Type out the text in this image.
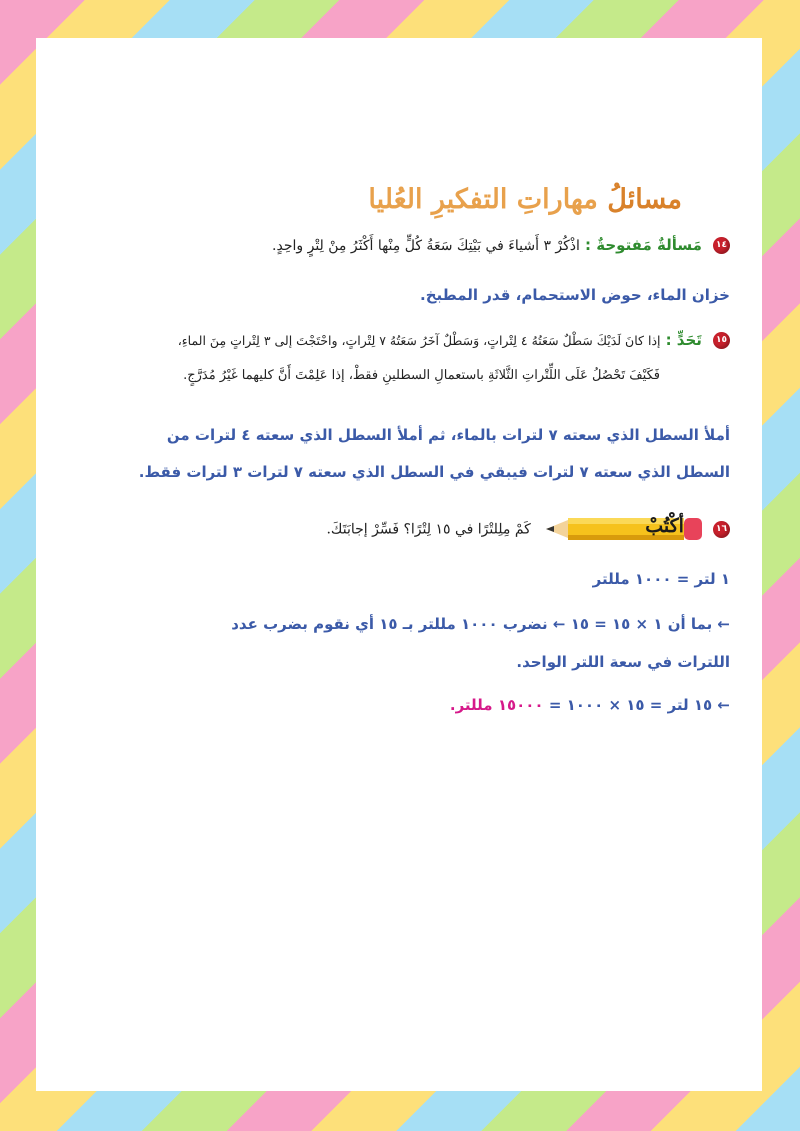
مسائلُ مهاراتِ التفكيرِ العُليا
١٤ مَسألةٌ مَفتوحةٌ : اذْكُرْ ٣ أَشياءَ في بَيْتِكَ سَعَةُ كُلٍّ مِنْها أَكْثَرُ مِنْ لِتْرٍ واحِدٍ.
خزان الماء، حوض الاستحمام، قدر المطبخ.
١٥ تَحَدٍّ : إذا كانَ لَدَيْكَ سَطْلٌ سَعَتُهُ ٤ لِتْراتٍ، وَسَطْلٌ آخَرُ سَعَتُهُ ٧ لِتْراتٍ، واحْتَجْتَ إلى ٣ لِتْراتٍ مِنَ الماءِ،
فَكَيْفَ تَحْصُلُ عَلَى اللِّتْراتِ الثَّلاثَةِ باستعمالِ السطلينِ فقطْ، إذا عَلِمْتَ أَنَّ كليهما غَيْرُ مُدَرَّجٍ.
أملأ السطل الذي سعته ٧ لترات بالماء، ثم أملأ السطل الذي سعته ٤ لترات من
السطل الذي سعته ٧ لترات فيبقي في السطل الذي سعته ٧ لترات ٣ لترات فقط.
١٦
أكْتُبْ
كَمْ مِلِلتْرًا في ١٥ لِتْرًا؟ فَسِّرْ إجابَتَكَ.
١ لتر = ١٠٠٠ مللتر
← بما أن ١ × ١٥ = ١٥ ← نضرب ١٠٠٠ مللتر بـ ١٥ أي نقوم بضرب عدد
اللترات في سعة اللتر الواحد.
← ١٥ لتر = ١٥ × ١٠٠٠ = ١٥٠٠٠ مللتر.
